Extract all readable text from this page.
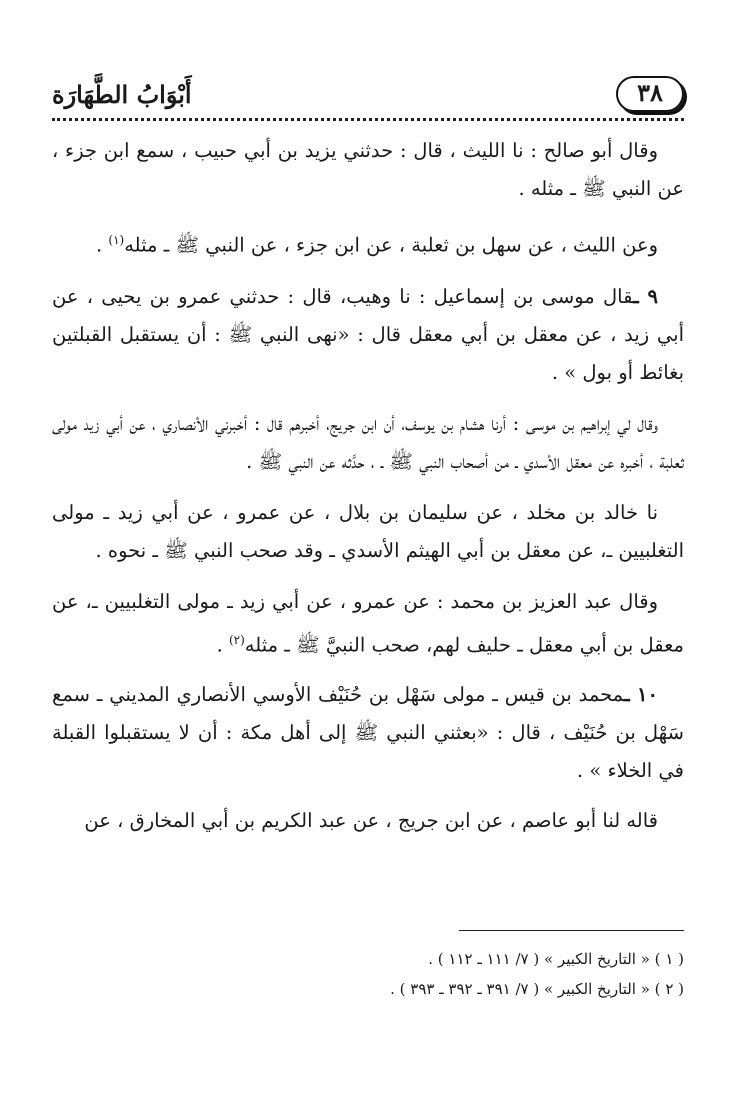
أَبْوَابُ الطَّهَارَة	٣٨

وقال أبو صالح : نا الليث ، قال : حدثني يزيد بن أبي حبيب ، سمع ابن جزء ، عن النبي ﷺ ـ مثله .

وعن الليث ، عن سهل بن ثعلبة ، عن ابن جزء ، عن النبي ﷺ ـ مثله$^{(١)}$ .

٩ ـقال موسى بن إسماعيل : نا وهيب، قال : حدثني عمرو بن يحيى ، عن أبي زيد ، عن معقل بن أبي معقل قال : «نهى النبي ﷺ : أن يستقبل القبلتين بغائط أو بول » .

وقال لي إبراهيم بن موسى : أرنا هشام بن يوسف، أن ابن جريج، أخبرهم قال : أخبرني الأنصاري ، عن أبي زيد مولى ثعلبة ، أخبره عن معقل الأسدي ـ من أصحاب النبي ﷺ ـ ، حدَّثه عن النبي ﷺ .

نا خالد بن مخلد ، عن سليمان بن بلال ، عن عمرو ، عن أبي زيد ـ مولى التغلبيين ـ، عن معقل بن أبي الهيثم الأسدي ـ وقد صحب النبي ﷺ ـ نحوه .

وقال عبد العزيز بن محمد : عن عمرو ، عن أبي زيد ـ مولى التغلبيين ـ، عن معقل بن أبي معقل ـ حليف لهم، صحب النبيَّ ﷺ ـ مثله$^{(٢)}$ .

١٠ ـمحمد بن قيس ـ مولى سَهْل بن حُنَيْف الأوسي الأنصاري المديني ـ سمع سَهْل بن حُنَيْف ، قال : «بعثني النبي ﷺ إلى أهل مكة : أن لا يستقبلوا القبلة في الخلاء » .

قاله لنا أبو عاصم ، عن ابن جريج ، عن عبد الكريم بن أبي المخارق ، عن

( ١ ) « التاريخ الكبير » ( ٧/ ١١١ ـ ١١٢ ) .

( ٢ ) « التاريخ الكبير » ( ٧/ ٣٩١ ـ ٣٩٢ ـ ٣٩٣ ) .
